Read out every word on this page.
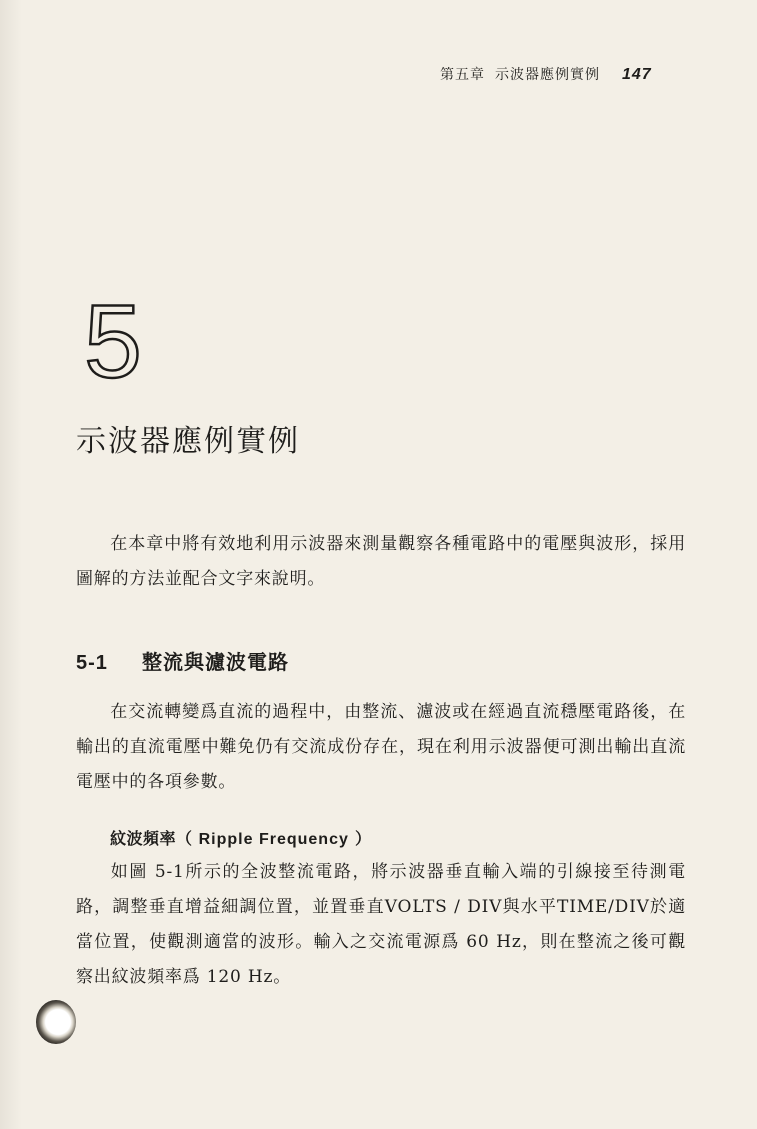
第五章 示波器應例實例 147
5
示波器應例實例
在本章中將有效地利用示波器來測量觀察各種電路中的電壓與波形，採用圖解的方法並配合文字來說明。
5-1 整流與濾波電路
在交流轉變爲直流的過程中，由整流、濾波或在經過直流穩壓電路後，在輸出的直流電壓中難免仍有交流成份存在，現在利用示波器便可測出輸出直流電壓中的各項參數。
紋波頻率（ Ripple Frequency ）
如圖 5-1所示的全波整流電路，將示波器垂直輸入端的引線接至待測電路，調整垂直增益細調位置，並置垂直VOLTS / DIV與水平TIME/DIV於適當位置，使觀測適當的波形。輸入之交流電源爲 60 Hz，則在整流之後可觀察出紋波頻率爲 120 Hz。
